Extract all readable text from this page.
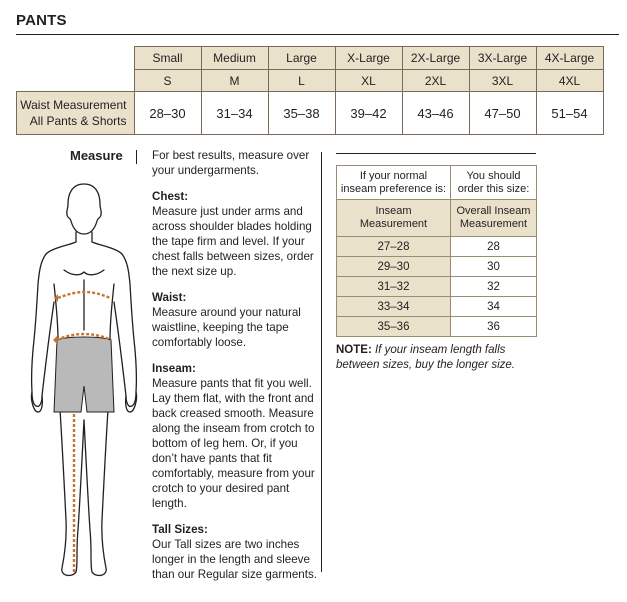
PANTS
	Small	Medium	Large	X-Large	2X-Large	3X-Large	4X-Large
	S	M	L	XL	2XL	3XL	4XL
Waist Measurement
All Pants & Shorts	28–30	31–34	35–38	39–42	43–46	47–50	51–54
Measure	For best results, measure over your undergarments.

Chest:

Measure just under arms and across shoulder blades holding the tape firm and level. If your chest falls between sizes, order the next size up.

Waist:

Measure around your natural waistline, keeping the tape comfortably loose.

Inseam:

Measure pants that fit you well. Lay them flat, with the front and back creased smooth. Measure along the inseam from crotch to bottom of leg hem. Or, if you don’t have pants that fit comfortably, measure from your crotch to your desired pant length.

Tall Sizes:

Our Tall sizes are two inches longer in the length and sleeve than our Regular size garments.

If your normal
inseam preference is:	You should
order this size:
Inseam
Measurement	Overall Inseam
Measurement
27–28	28
29–30	30
31–32	32
33–34	34
35–36	36
NOTE: If your inseam length falls between sizes, buy the longer size.
